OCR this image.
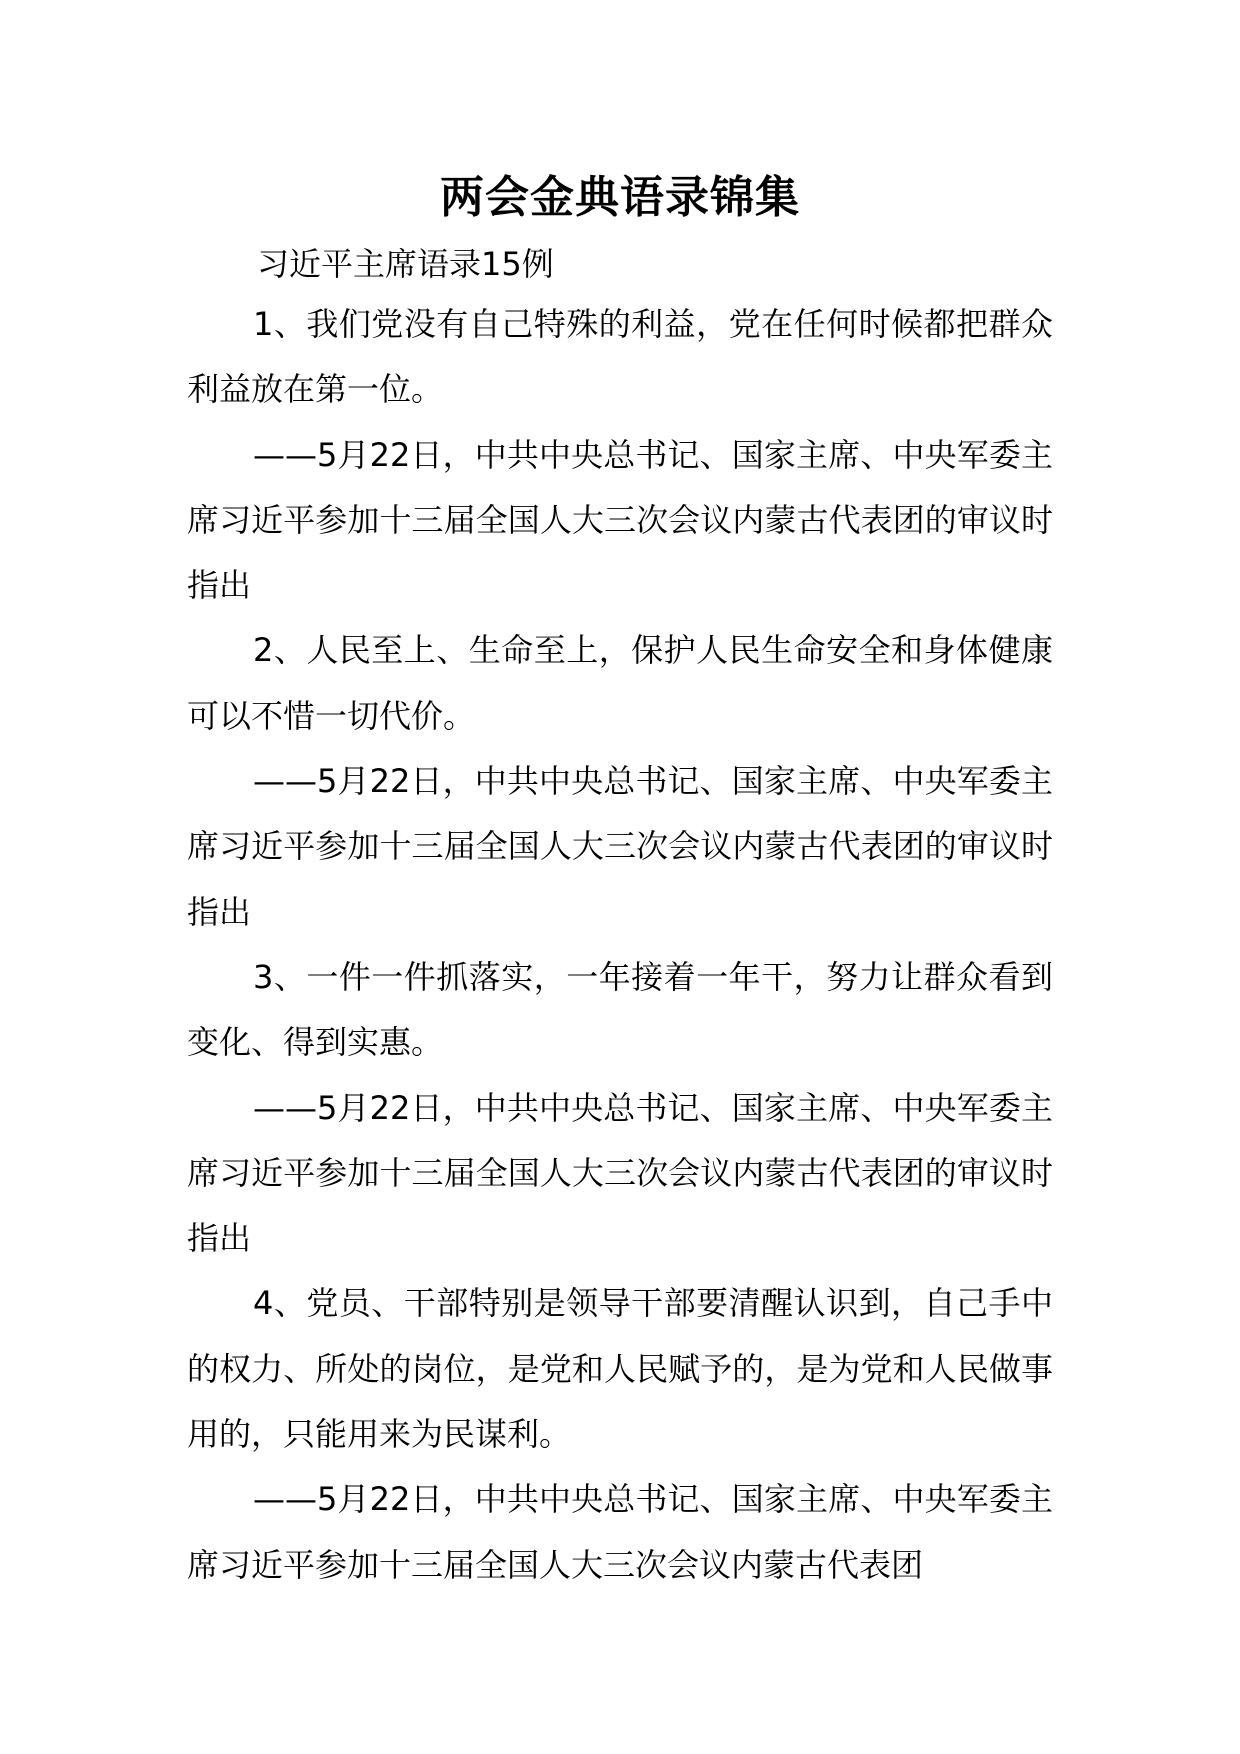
两会金典语录锦集

习近平主席语录15例

1、我们党没有自己特殊的利益，党在任何时候都把群众利益放在第一位。

——5月22日，中共中央总书记、国家主席、中央军委主席习近平参加十三届全国人大三次会议内蒙古代表团的审议时指出

2、人民至上、生命至上，保护人民生命安全和身体健康可以不惜一切代价。

——5月22日，中共中央总书记、国家主席、中央军委主席习近平参加十三届全国人大三次会议内蒙古代表团的审议时指出

3、一件一件抓落实，一年接着一年干，努力让群众看到变化、得到实惠。

——5月22日，中共中央总书记、国家主席、中央军委主席习近平参加十三届全国人大三次会议内蒙古代表团的审议时指出

4、党员、干部特别是领导干部要清醒认识到，自己手中的权力、所处的岗位，是党和人民赋予的，是为党和人民做事用的，只能用来为民谋利。

——5月22日，中共中央总书记、国家主席、中央军委主席习近平参加十三届全国人大三次会议内蒙古代表团
